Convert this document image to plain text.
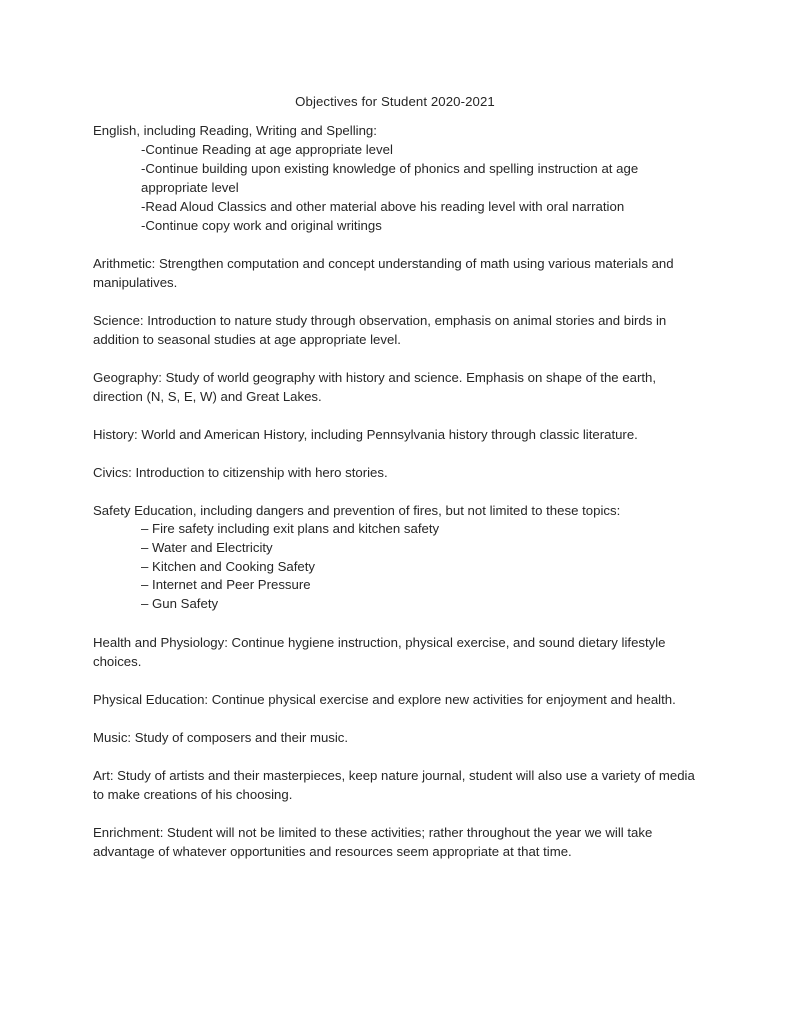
Objectives for Student 2020-2021

English, including Reading, Writing and Spelling:

-Continue Reading at age appropriate level
-Continue building upon existing knowledge of phonics and spelling instruction at age appropriate level
-Read Aloud Classics and other material above his reading level with oral narration
-Continue copy work and original writings

Arithmetic: Strengthen computation and concept understanding of math using various materials and manipulatives.

Science: Introduction to nature study through observation, emphasis on animal stories and birds in addition to seasonal studies at age appropriate level.

Geography: Study of world geography with history and science. Emphasis on shape of the earth, direction (N, S, E, W) and Great Lakes.

History: World and American History, including Pennsylvania history through classic literature.

Civics: Introduction to citizenship with hero stories.

Safety Education, including dangers and prevention of fires, but not limited to these topics:

– Fire safety including exit plans and kitchen safety
– Water and Electricity
– Kitchen and Cooking Safety
– Internet and Peer Pressure
– Gun Safety

Health and Physiology: Continue hygiene instruction, physical exercise, and sound dietary lifestyle choices.

Physical Education: Continue physical exercise and explore new activities for enjoyment and health.

Music: Study of composers and their music.

Art: Study of artists and their masterpieces, keep nature journal, student will also use a variety of media to make creations of his choosing.

Enrichment: Student will not be limited to these activities; rather throughout the year we will take advantage of whatever opportunities and resources seem appropriate at that time.
